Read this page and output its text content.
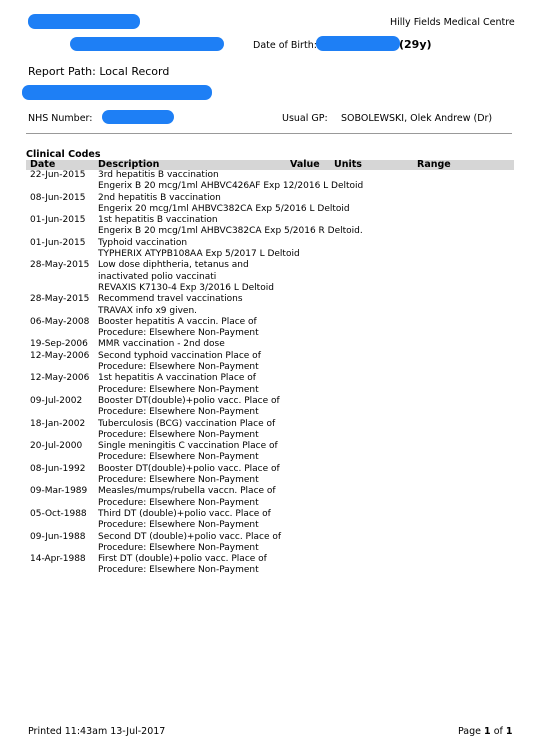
Hilly Fields Medical Centre
Date of Birth:	(29y)
Report Path: Local Record
NHS Number:	Usual GP: SOBOLEWSKI, Olek Andrew (Dr)
Clinical Codes
Date	Description	Value Units	Range
22-Jun-2015 3rd hepatitis B vaccination
Engerix B 20 mcg/1ml AHBVC426AF Exp 12/2016 L Deltoid
08-Jun-2015 2nd hepatitis B vaccination
Engerix 20 mcg/1ml AHBVC382CA Exp 5/2016 L Deltoid
01-Jun-2015 1st hepatitis B vaccination
Engerix B 20 mcg/1ml AHBVC382CA Exp 5/2016 R Deltoid.
01-Jun-2015 Typhoid vaccination
TYPHERIX ATYPB108AA Exp 5/2017 L Deltoid
28-May-2015 Low dose diphtheria, tetanus and
inactivated polio vaccinati
REVAXIS K7130-4 Exp 3/2016 L Deltoid
28-May-2015 Recommend travel vaccinations
TRAVAX info x9 given.
06-May-2008 Booster hepatitis A vaccin. Place of
Procedure: Elsewhere Non-Payment
19-Sep-2006 MMR vaccination - 2nd dose
12-May-2006 Second typhoid vaccination Place of
Procedure: Elsewhere Non-Payment
12-May-2006 1st hepatitis A vaccination Place of
Procedure: Elsewhere Non-Payment
09-Jul-2002 Booster DT(double)+polio vacc. Place of
Procedure: Elsewhere Non-Payment
18-Jan-2002 Tuberculosis (BCG) vaccination Place of
Procedure: Elsewhere Non-Payment
20-Jul-2000 Single meningitis C vaccination Place of
Procedure: Elsewhere Non-Payment
08-Jun-1992 Booster DT(double)+polio vacc. Place of
Procedure: Elsewhere Non-Payment
09-Mar-1989 Measles/mumps/rubella vaccn. Place of
Procedure: Elsewhere Non-Payment
05-Oct-1988 Third DT (double)+polio vacc. Place of
Procedure: Elsewhere Non-Payment
09-Jun-1988 Second DT (double)+polio vacc. Place of
Procedure: Elsewhere Non-Payment
14-Apr-1988 First DT (double)+polio vacc. Place of
Procedure: Elsewhere Non-Payment
Printed 11:43am 13-Jul-2017	Page 1 of 1
